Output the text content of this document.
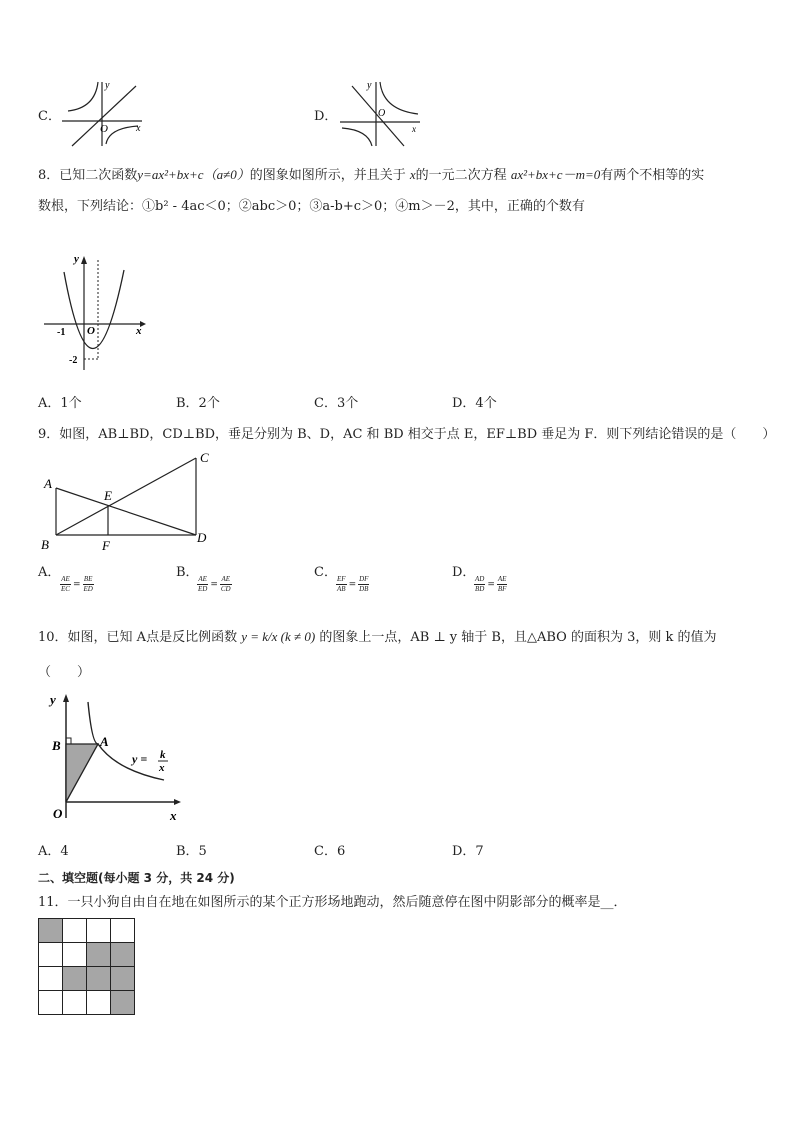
C．
y
x
O
D．
y
x
O
8．已知二次函数y=ax²+bx+c（a≠0）的图象如图所示，并且关于 x的一元二次方程 ax²+bx+c－m=0有两个不相等的实
数根，下列结论：①b² - 4ac＜0；②abc＞0；③a-b+c＞0；④m＞－2，其中，正确的个数有
y
x
O
-1
-2
A．1个	B．2个	C．3个	D．4个
9．如图，AB⊥BD，CD⊥BD，垂足分别为 B、D，AC 和 BD 相交于点 E，EF⊥BD 垂足为 F．则下列结论错误的是（　　）
A
B
C
D
E
F
A．
$\frac{AE}{EC} = \frac{BE}{ED}$
B．
$\frac{AE}{ED} = \frac{AE}{CD}$
C．
$\frac{EF}{AB} = \frac{DF}{DB}$
D．
$\frac{AD}{BD} = \frac{AE}{BF}$
10．如图，已知 A点是反比例函数 y = k/x (k ≠ 0) 的图象上一点，AB ⊥ y 轴于 B，且△ABO 的面积为 3，则 k 的值为
（　　）
y
x
O
B	A
y = k
x
A．4	B．5	C．6	D．7
二、填空题(每小题 3 分，共 24 分)
11．一只小狗自由自在地在如图所示的某个正方形场地跑动，然后随意停在图中阴影部分的概率是__．
